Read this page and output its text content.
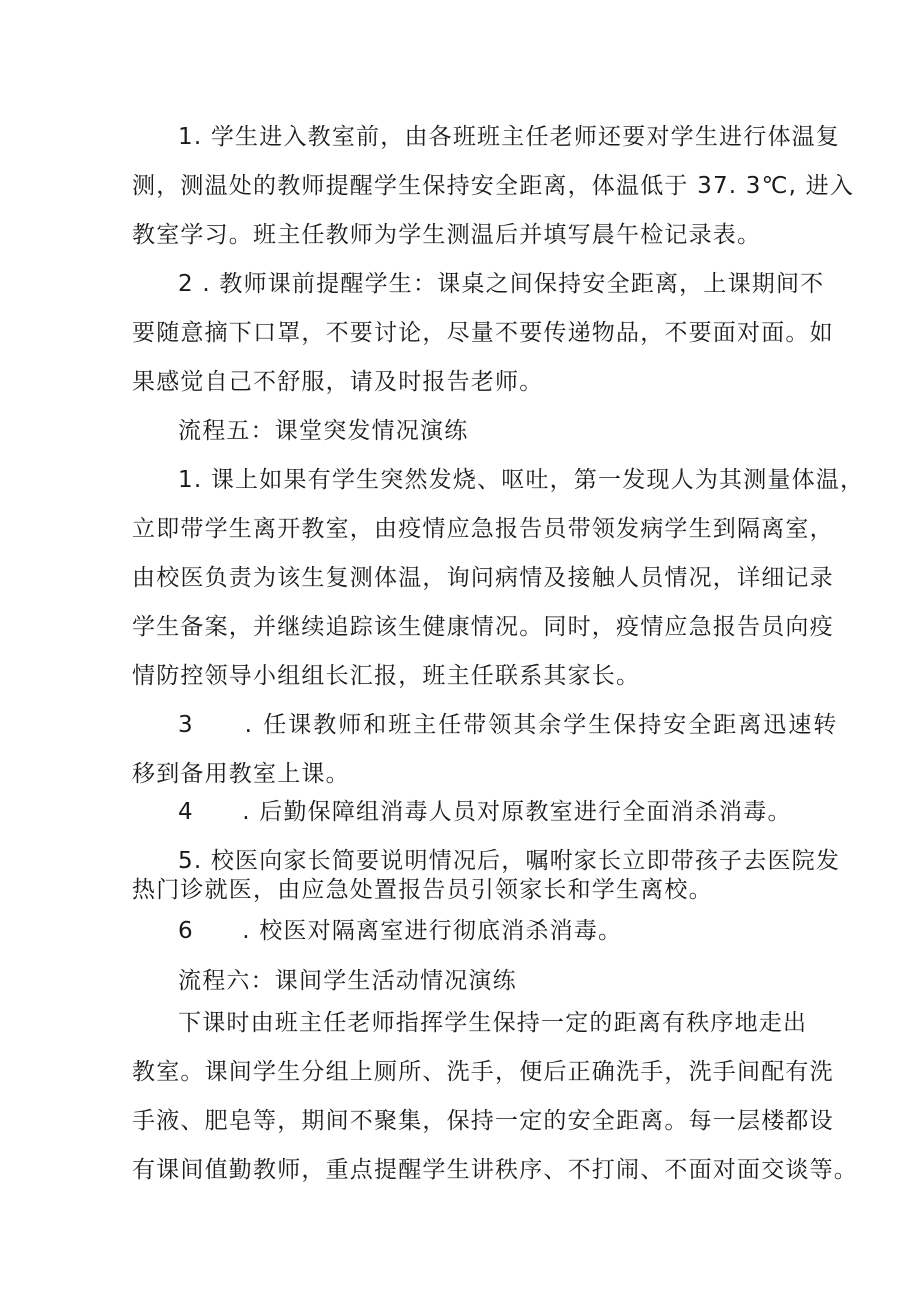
1. 学生进入教室前，由各班班主任老师还要对学生进行体温复
测，测温处的教师提醒学生保持安全距离，体温低于 37. 3℃, 进入
教室学习。班主任教师为学生测温后并填写晨午检记录表。
2 . 教师课前提醒学生：课桌之间保持安全距离，上课期间不
要随意摘下口罩，不要讨论，尽量不要传递物品，不要面对面。如
果感觉自己不舒服，请及时报告老师。
流程五：课堂突发情况演练
1. 课上如果有学生突然发烧、呕吐，第一发现人为其测量体温，
立即带学生离开教室，由疫情应急报告员带领发病学生到隔离室，
由校医负责为该生复测体温，询问病情及接触人员情况，详细记录
学生备案，并继续追踪该生健康情况。同时，疫情应急报告员向疫
情防控领导小组组长汇报，班主任联系其家长。
3　　. 任课教师和班主任带领其余学生保持安全距离迅速转
移到备用教室上课。
4　　. 后勤保障组消毒人员对原教室进行全面消杀消毒。
5. 校医向家长简要说明情况后，嘱咐家长立即带孩子去医院发
热门诊就医，由应急处置报告员引领家长和学生离校。
6　　. 校医对隔离室进行彻底消杀消毒。
流程六：课间学生活动情况演练
下课时由班主任老师指挥学生保持一定的距离有秩序地走出
教室。课间学生分组上厕所、洗手，便后正确洗手，洗手间配有洗
手液、肥皂等，期间不聚集，保持一定的安全距离。每一层楼都设
有课间值勤教师，重点提醒学生讲秩序、不打闹、不面对面交谈等。
